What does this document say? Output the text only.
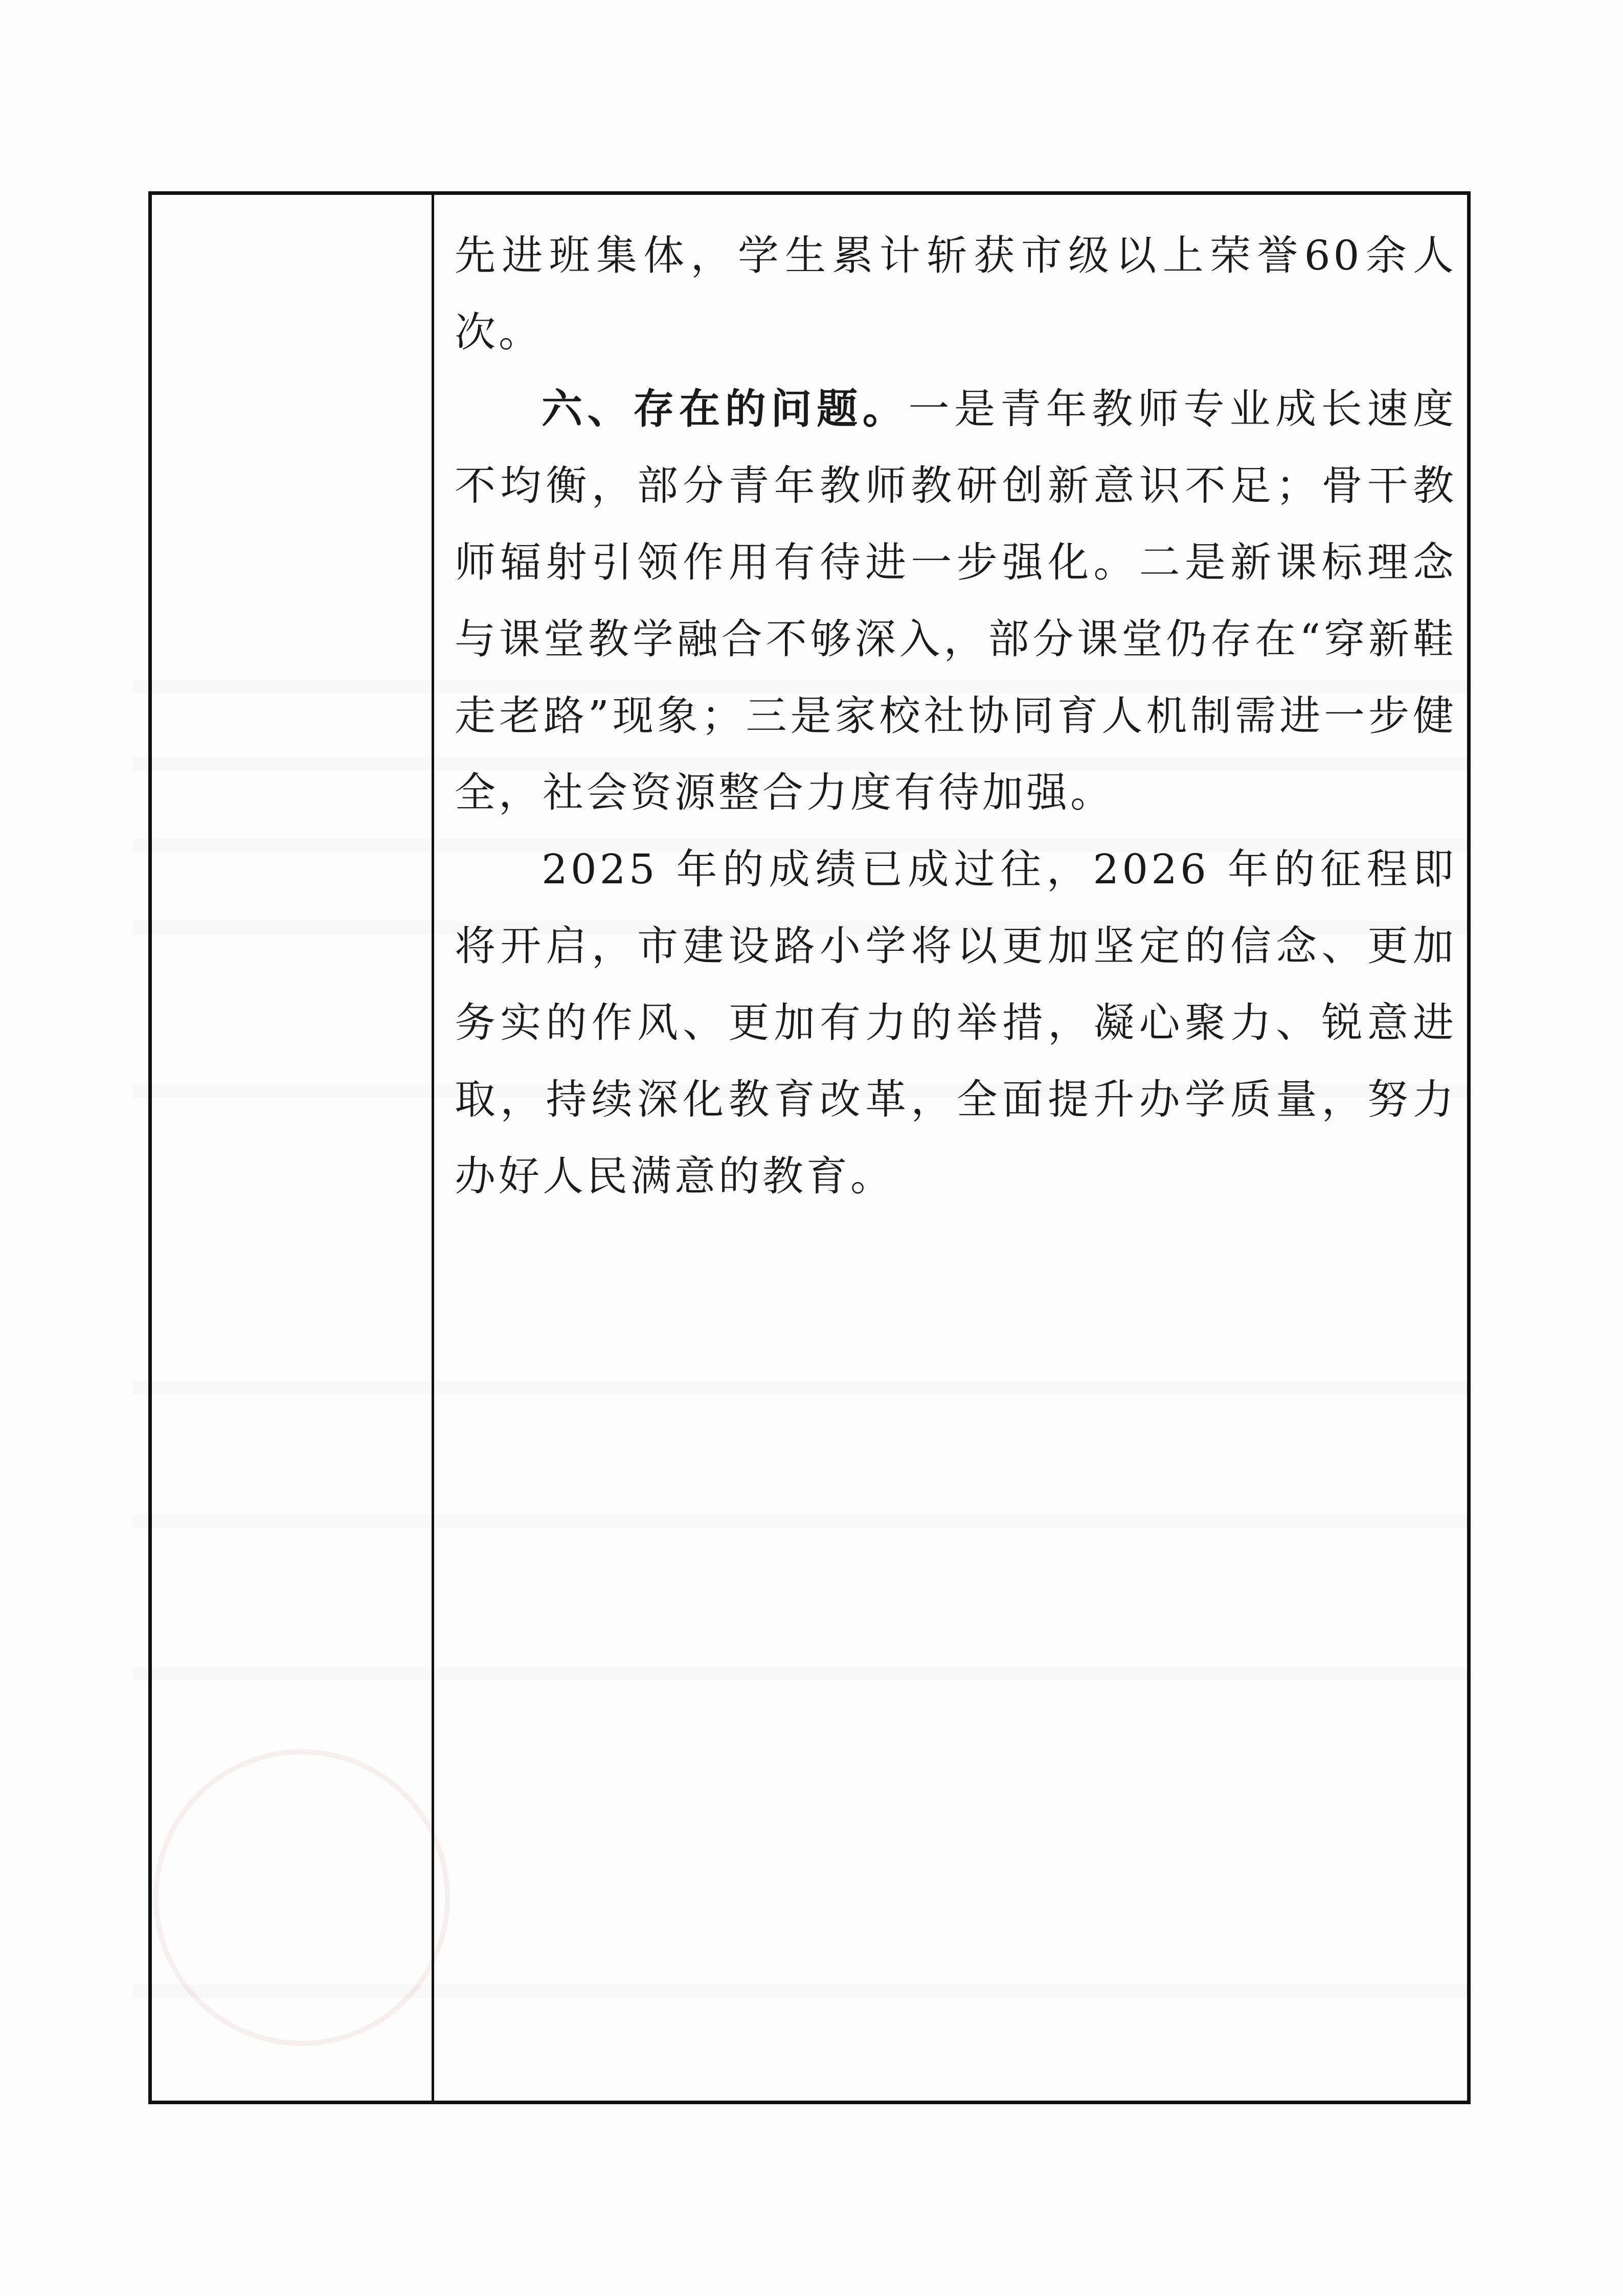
先进班集体，学生累计斩获市级以上荣誉60余人次。

六、存在的问题。一是青年教师专业成长速度不均衡，部分青年教师教研创新意识不足；骨干教师辐射引领作用有待进一步强化。二是新课标理念与课堂教学融合不够深入，部分课堂仍存在“穿新鞋走老路”现象；三是家校社协同育人机制需进一步健全，社会资源整合力度有待加强。

2025 年的成绩已成过往，2026 年的征程即将开启，市建设路小学将以更加坚定的信念、更加务实的作风、更加有力的举措，凝心聚力、锐意进取，持续深化教育改革，全面提升办学质量，努力办好人民满意的教育。
